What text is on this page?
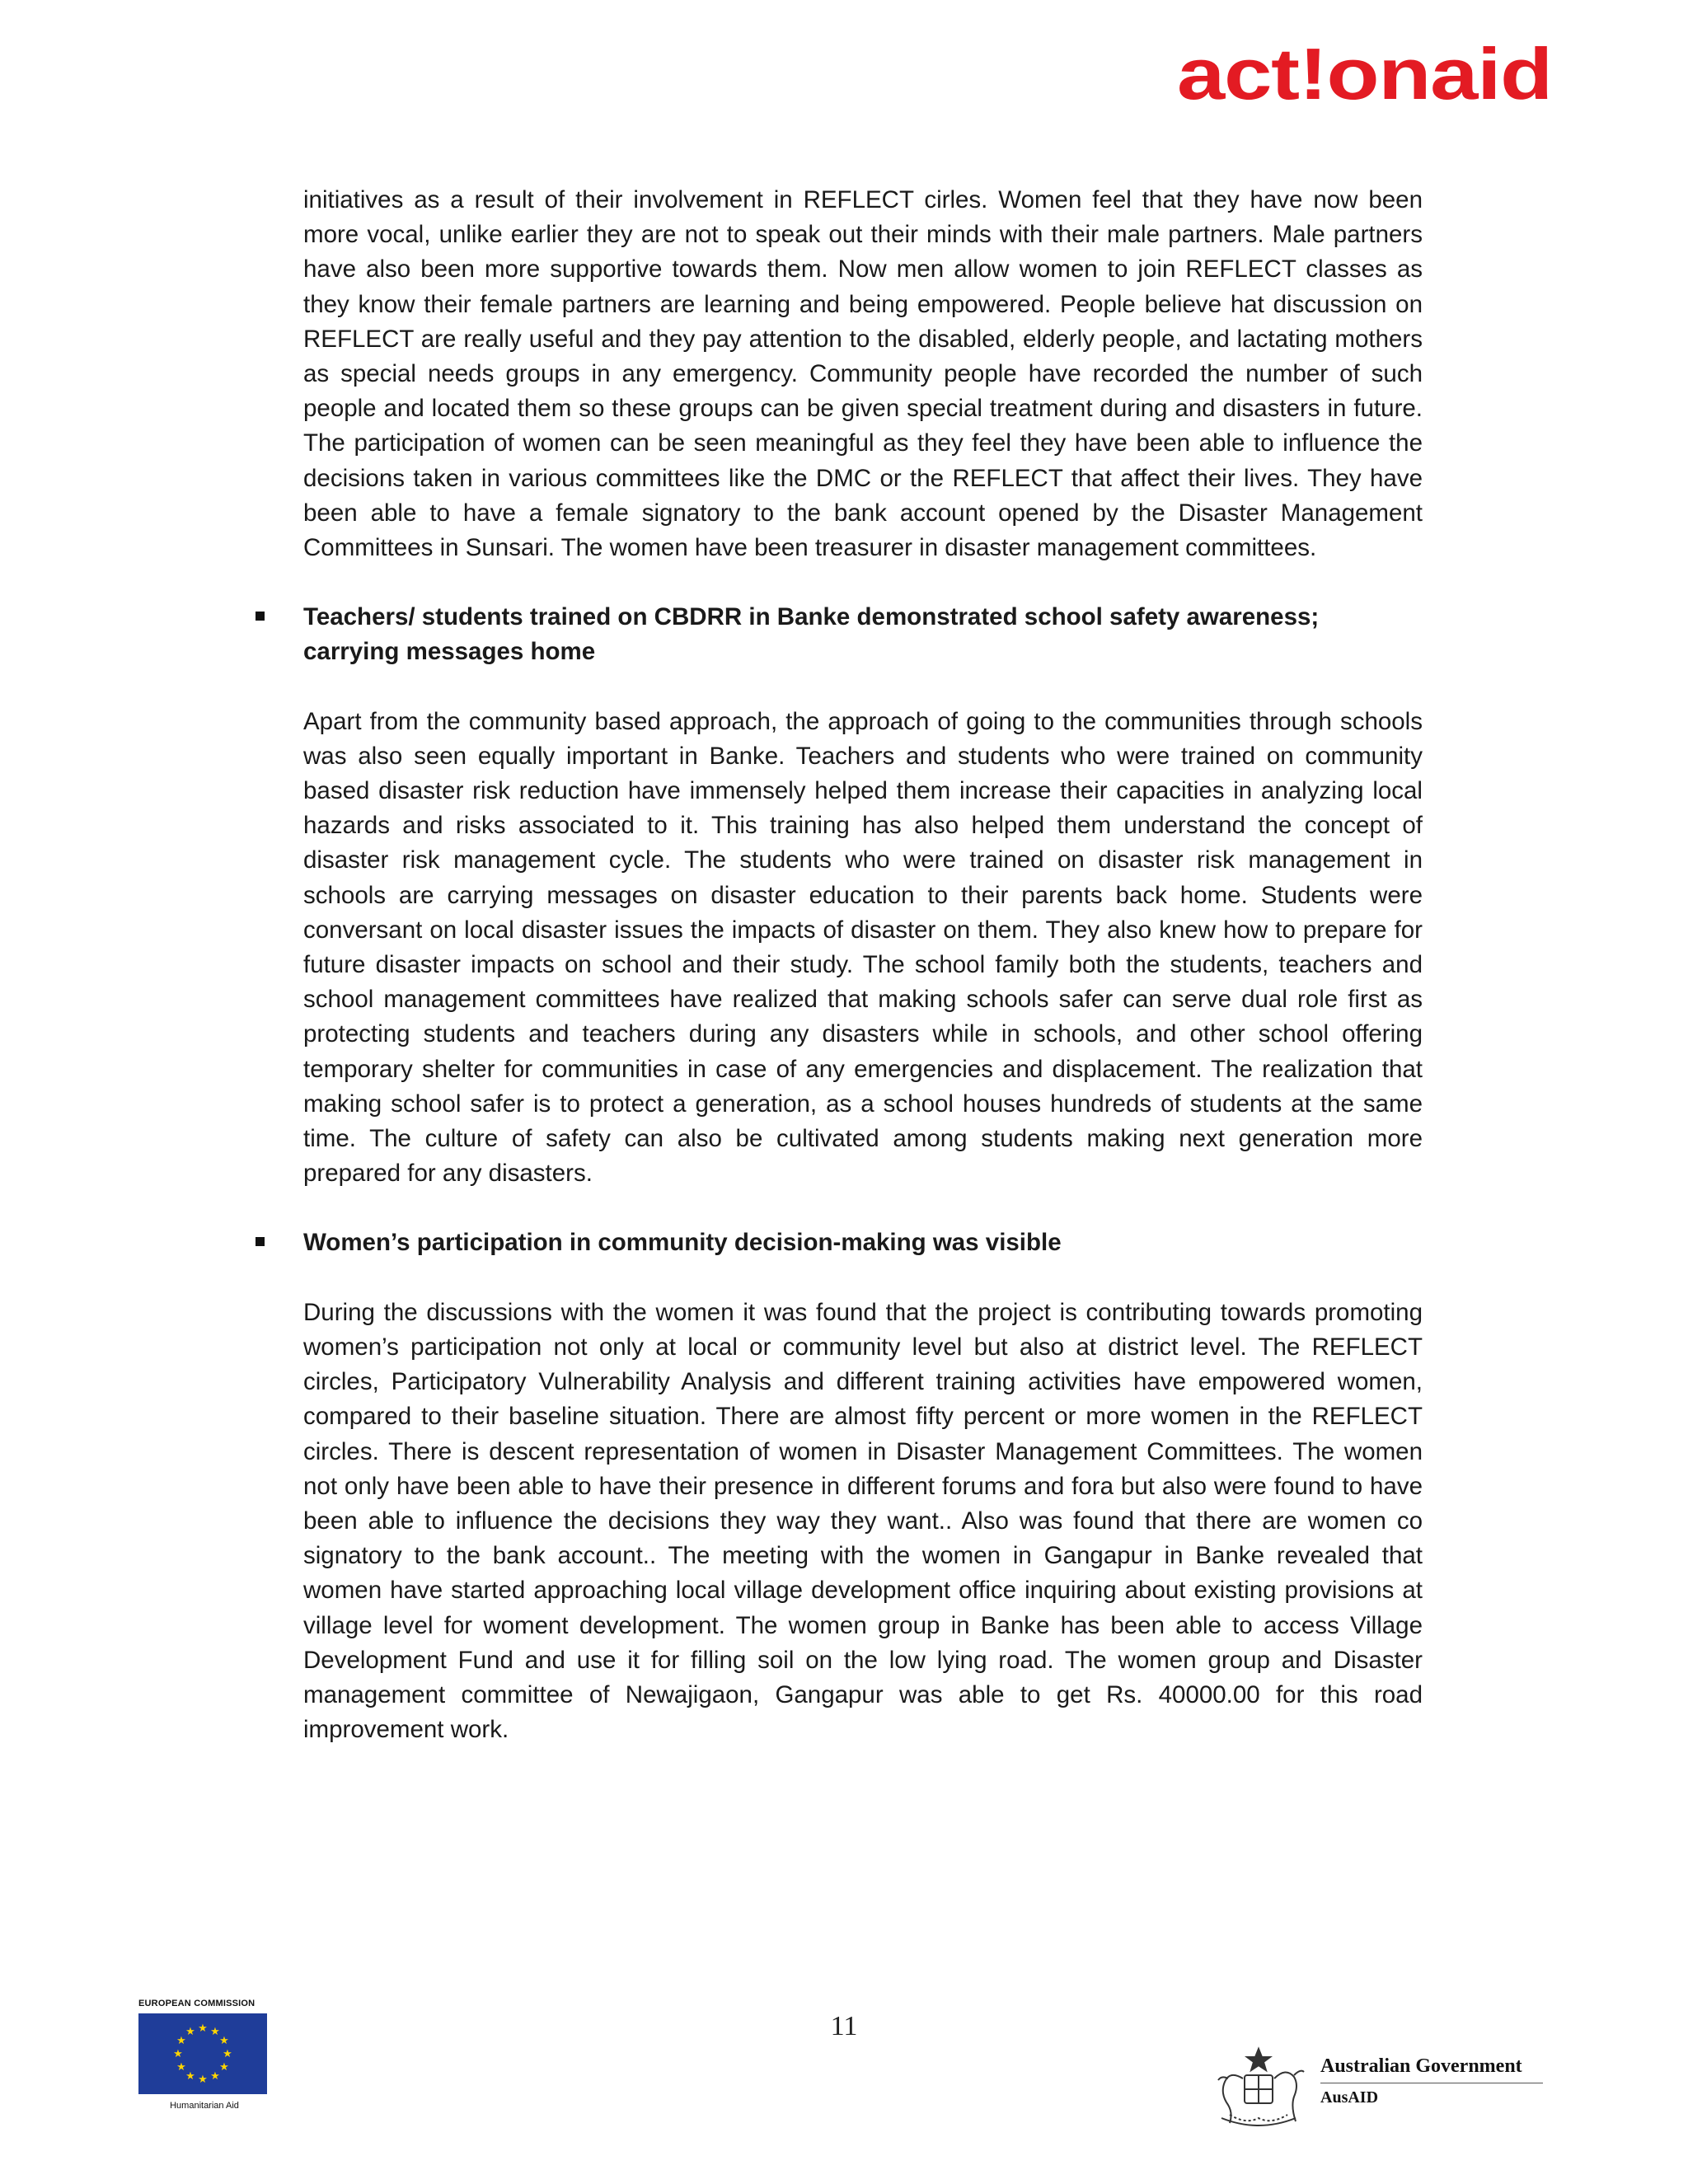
act!onaid

initiatives as a result of their involvement in REFLECT cirles. Women feel that they have now been more vocal, unlike earlier they are not to speak out their minds with their male partners. Male partners have also been more supportive towards them. Now men allow women to join REFLECT classes as they know their female partners are learning and being empowered. People believe hat discussion on REFLECT are really useful and they pay attention to the disabled, elderly people, and lactating mothers as special needs groups in any emergency. Community people have recorded the number of such people and located them so these groups can be given special treatment during and disasters in future. The participation of women can be seen meaningful as they feel they have been able to influence the decisions taken in various committees like the DMC or the REFLECT that affect their lives. They have been able to have a female signatory to the bank account opened by the Disaster Management Committees in Sunsari. The women have been treasurer in disaster management committees.

Teachers/ students trained on CBDRR in Banke demonstrated school safety awareness;
carrying messages home

Apart from the community based approach, the approach of going to the communities through schools was also seen equally important in Banke. Teachers and students who were trained on community based disaster risk reduction have immensely helped them increase their capacities in analyzing local hazards and risks associated to it. This training has also helped them understand the concept of disaster risk management cycle. The students who were trained on disaster risk management in schools are carrying messages on disaster education to their parents back home. Students were conversant on local disaster issues the impacts of disaster on them. They also knew how to prepare for future disaster impacts on school and their study. The school family both the students, teachers and school management committees have realized that making schools safer can serve dual role first as protecting students and teachers during any disasters while in schools, and other school offering temporary shelter for communities in case of any emergencies and displacement. The realization that making school safer is to protect a generation, as a school houses hundreds of students at the same time. The culture of safety can also be cultivated among students making next generation more prepared for any disasters.

Women’s participation in community decision-making was visible

During the discussions with the women it was found that the project is contributing towards promoting women’s participation not only at local or community level but also at district level. The REFLECT circles, Participatory Vulnerability Analysis and different training activities have empowered women, compared to their baseline situation. There are almost fifty percent or more women in the REFLECT circles. There is descent representation of women in Disaster Management Committees. The women not only have been able to have their presence in different forums and fora but also were found to have been able to influence the decisions they way they want.. Also was found that there are women co signatory to the bank account.. The meeting with the women in Gangapur in Banke revealed that women have started approaching local village development office inquiring about existing provisions at village level for woment development. The women group in Banke has been able to access Village Development Fund and use it for filling soil on the low lying road. The women group and Disaster management committee of Newajigaon, Gangapur was able to get Rs. 40000.00 for this road improvement work.

11
EUROPEAN COMMISSION
★ ★
★
★
★
★
★
★
★
★
★
★
Humanitarian Aid
Australian Government
AusAID
